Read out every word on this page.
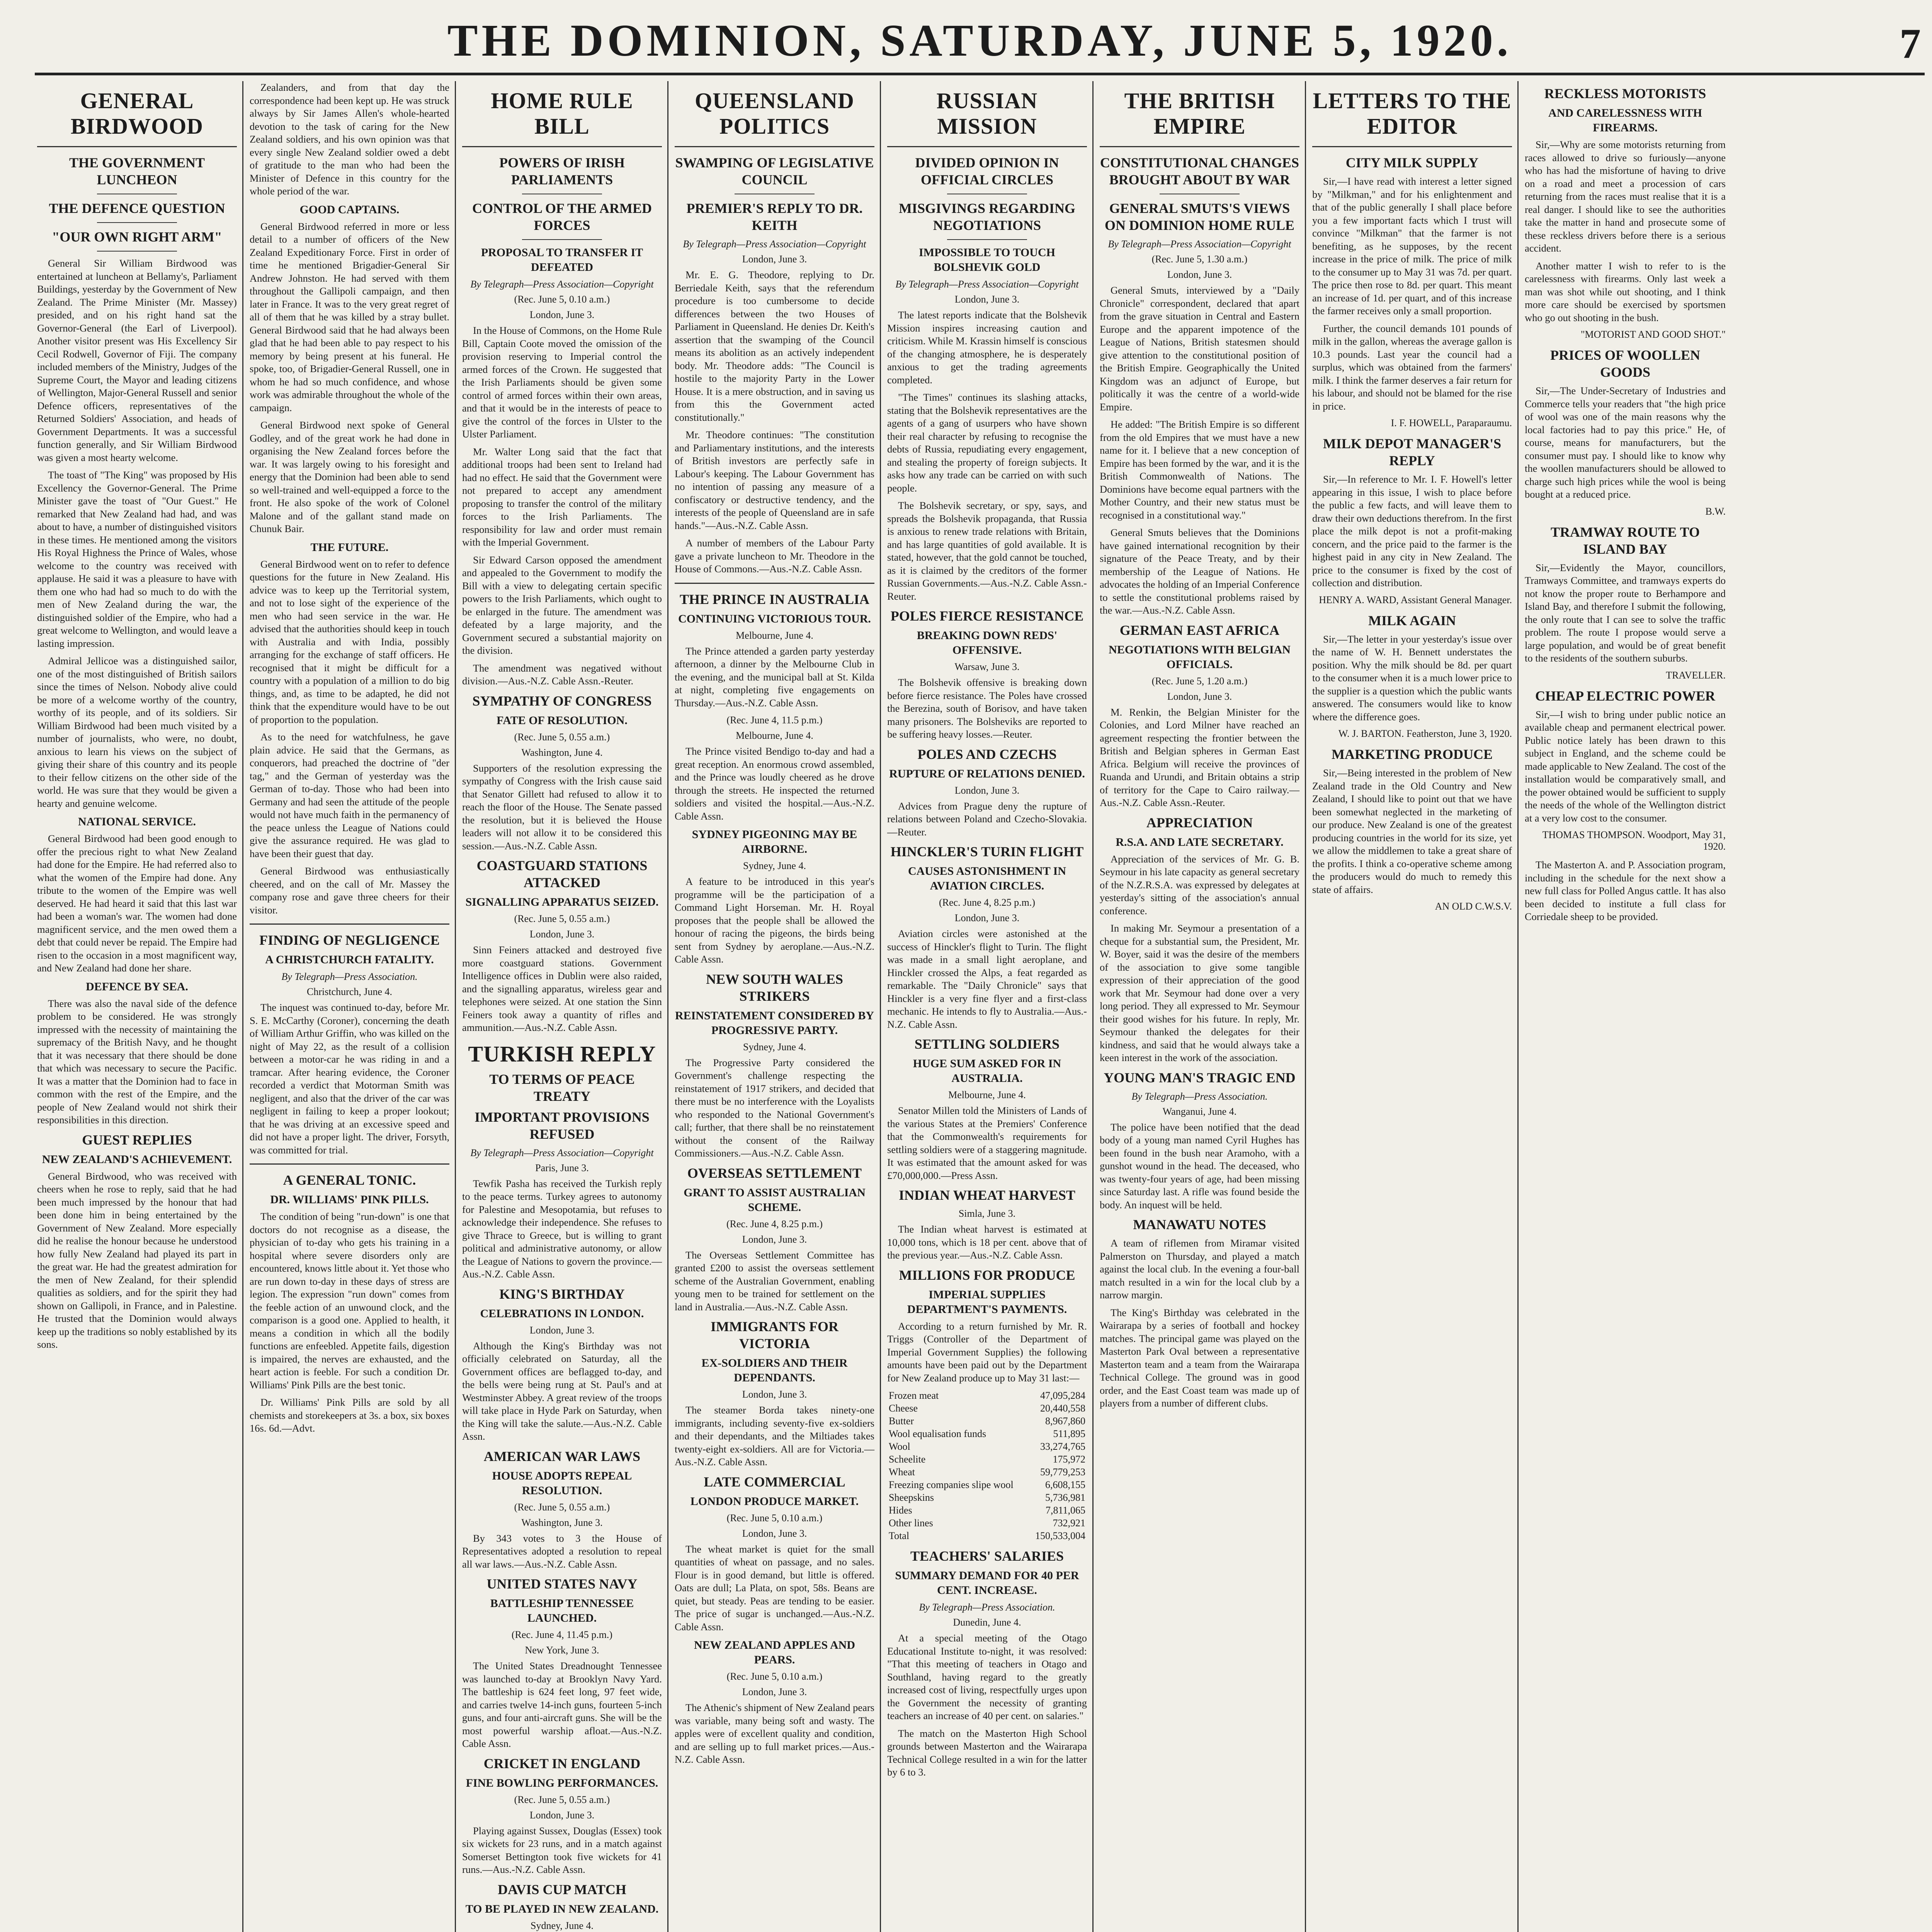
THE DOMINION, SATURDAY, JUNE 5, 1920.	7
GENERAL BIRDWOOD
THE GOVERNMENT LUNCHEON
THE DEFENCE QUESTION
"OUR OWN RIGHT ARM"

General Sir William Birdwood was entertained at luncheon at Bellamy's, Parliament Buildings, yesterday by the Government of New Zealand. The Prime Minister (Mr. Massey) presided, and on his right hand sat the Governor-General (the Earl of Liverpool). Another visitor present was His Excellency Sir Cecil Rodwell, Governor of Fiji. The company included members of the Ministry, Judges of the Supreme Court, the Mayor and leading citizens of Wellington, Major-General Russell and senior Defence officers, representatives of the Returned Soldiers' Association, and heads of Government Departments. It was a successful function generally, and Sir William Birdwood was given a most hearty welcome.

The toast of "The King" was proposed by His Excellency the Governor-General. The Prime Minister gave the toast of "Our Guest." He remarked that New Zealand had had, and was about to have, a number of distinguished visitors in these times. He mentioned among the visitors His Royal Highness the Prince of Wales, whose welcome to the country was received with applause. He said it was a pleasure to have with them one who had had so much to do with the men of New Zealand during the war, the distinguished soldier of the Empire, who had a great welcome to Wellington, and would leave a lasting impression.

Admiral Jellicoe was a distinguished sailor, one of the most distinguished of British sailors since the times of Nelson. Nobody alive could be more of a welcome worthy of the country, worthy of its people, and of its soldiers. Sir William Birdwood had been much visited by a number of journalists, who were, no doubt, anxious to learn his views on the subject of giving their share of this country and its people to their fellow citizens on the other side of the world. He was sure that they would be given a hearty and genuine welcome.

NATIONAL SERVICE.

General Birdwood had been good enough to offer the precious right to what New Zealand had done for the Empire. He had referred also to what the women of the Empire had done. Any tribute to the women of the Empire was well deserved. He had heard it said that this last war had been a woman's war. The women had done magnificent service, and the men owed them a debt that could never be repaid. The Empire had risen to the occasion in a most magnificent way, and New Zealand had done her share.

DEFENCE BY SEA.

There was also the naval side of the defence problem to be considered. He was strongly impressed with the necessity of maintaining the supremacy of the British Navy, and he thought that it was necessary that there should be done that which was necessary to secure the Pacific. It was a matter that the Dominion had to face in common with the rest of the Empire, and the people of New Zealand would not shirk their responsibilities in this direction.

GUEST REPLIES
NEW ZEALAND'S ACHIEVEMENT.

General Birdwood, who was received with cheers when he rose to reply, said that he had been much impressed by the honour that had been done him in being entertained by the Government of New Zealand. More especially did he realise the honour because he understood how fully New Zealand had played its part in the great war. He had the greatest admiration for the men of New Zealand, for their splendid qualities as soldiers, and for the spirit they had shown on Gallipoli, in France, and in Palestine. He trusted that the Dominion would always keep up the traditions so nobly established by its sons.

Zealanders, and from that day the correspondence had been kept up. He was struck always by Sir James Allen's whole-hearted devotion to the task of caring for the New Zealand soldiers, and his own opinion was that every single New Zealand soldier owed a debt of gratitude to the man who had been the Minister of Defence in this country for the whole period of the war.

GOOD CAPTAINS.

General Birdwood referred in more or less detail to a number of officers of the New Zealand Expeditionary Force. First in order of time he mentioned Brigadier-General Sir Andrew Johnston. He had served with them throughout the Gallipoli campaign, and then later in France. It was to the very great regret of all of them that he was killed by a stray bullet. General Birdwood said that he had always been glad that he had been able to pay respect to his memory by being present at his funeral. He spoke, too, of Brigadier-General Russell, one in whom he had so much confidence, and whose work was admirable throughout the whole of the campaign.

General Birdwood next spoke of General Godley, and of the great work he had done in organising the New Zealand forces before the war. It was largely owing to his foresight and energy that the Dominion had been able to send so well-trained and well-equipped a force to the front. He also spoke of the work of Colonel Malone and of the gallant stand made on Chunuk Bair.

THE FUTURE.

General Birdwood went on to refer to defence questions for the future in New Zealand. His advice was to keep up the Territorial system, and not to lose sight of the experience of the men who had seen service in the war. He advised that the authorities should keep in touch with Australia and with India, possibly arranging for the exchange of staff officers. He recognised that it might be difficult for a country with a population of a million to do big things, and, as time to be adapted, he did not think that the expenditure would have to be out of proportion to the population.

As to the need for watchfulness, he gave plain advice. He said that the Germans, as conquerors, had preached the doctrine of "der tag," and the German of yesterday was the German of to-day. Those who had been into Germany and had seen the attitude of the people would not have much faith in the permanency of the peace unless the League of Nations could give the assurance required. He was glad to have been their guest that day.

General Birdwood was enthusiastically cheered, and on the call of Mr. Massey the company rose and gave three cheers for their visitor.

FINDING OF NEGLIGENCE
A CHRISTCHURCH FATALITY.
By Telegraph—Press Association.
Christchurch, June 4.

The inquest was continued to-day, before Mr. S. E. McCarthy (Coroner), concerning the death of William Arthur Griffin, who was killed on the night of May 22, as the result of a collision between a motor-car he was riding in and a tramcar. After hearing evidence, the Coroner recorded a verdict that Motorman Smith was negligent, and also that the driver of the car was negligent in failing to keep a proper lookout; that he was driving at an excessive speed and did not have a proper light. The driver, Forsyth, was committed for trial.

A GENERAL TONIC.
DR. WILLIAMS' PINK PILLS.

The condition of being "run-down" is one that doctors do not recognise as a disease, the physician of to-day who gets his training in a hospital where severe disorders only are encountered, knows little about it. Yet those who are run down to-day in these days of stress are legion. The expression "run down" comes from the feeble action of an unwound clock, and the comparison is a good one. Applied to health, it means a condition in which all the bodily functions are enfeebled. Appetite fails, digestion is impaired, the nerves are exhausted, and the heart action is feeble. For such a condition Dr. Williams' Pink Pills are the best tonic.

Dr. Williams' Pink Pills are sold by all chemists and storekeepers at 3s. a box, six boxes 16s. 6d.—Advt.

HOME RULE BILL
POWERS OF IRISH PARLIAMENTS
CONTROL OF THE ARMED FORCES
PROPOSAL TO TRANSFER IT DEFEATED
By Telegraph—Press Association—Copyright
(Rec. June 5, 0.10 a.m.)
London, June 3.

In the House of Commons, on the Home Rule Bill, Captain Coote moved the omission of the provision reserving to Imperial control the armed forces of the Crown. He suggested that the Irish Parliaments should be given some control of armed forces within their own areas, and that it would be in the interests of peace to give the control of the forces in Ulster to the Ulster Parliament.

Mr. Walter Long said that the fact that additional troops had been sent to Ireland had had no effect. He said that the Government were not prepared to accept any amendment proposing to transfer the control of the military forces to the Irish Parliaments. The responsibility for law and order must remain with the Imperial Government.

Sir Edward Carson opposed the amendment and appealed to the Government to modify the Bill with a view to delegating certain specific powers to the Irish Parliaments, which ought to be enlarged in the future. The amendment was defeated by a large majority, and the Government secured a substantial majority on the division.

The amendment was negatived without division.—Aus.-N.Z. Cable Assn.-Reuter.

SYMPATHY OF CONGRESS
FATE OF RESOLUTION.
(Rec. June 5, 0.55 a.m.)
Washington, June 4.

Supporters of the resolution expressing the sympathy of Congress with the Irish cause said that Senator Gillett had refused to allow it to reach the floor of the House. The Senate passed the resolution, but it is believed the House leaders will not allow it to be considered this session.—Aus.-N.Z. Cable Assn.

COASTGUARD STATIONS ATTACKED
SIGNALLING APPARATUS SEIZED.
(Rec. June 5, 0.55 a.m.)
London, June 3.

Sinn Feiners attacked and destroyed five more coastguard stations. Government Intelligence offices in Dublin were also raided, and the signalling apparatus, wireless gear and telephones were seized. At one station the Sinn Feiners took away a quantity of rifles and ammunition.—Aus.-N.Z. Cable Assn.

TURKISH REPLY
TO TERMS OF PEACE TREATY
IMPORTANT PROVISIONS REFUSED
By Telegraph—Press Association—Copyright
Paris, June 3.

Tewfik Pasha has received the Turkish reply to the peace terms. Turkey agrees to autonomy for Palestine and Mesopotamia, but refuses to acknowledge their independence. She refuses to give Thrace to Greece, but is willing to grant political and administrative autonomy, or allow the League of Nations to govern the province.—Aus.-N.Z. Cable Assn.

KING'S BIRTHDAY
CELEBRATIONS IN LONDON.
London, June 3.

Although the King's Birthday was not officially celebrated on Saturday, all the Government offices are beflagged to-day, and the bells were being rung at St. Paul's and at Westminster Abbey. A great review of the troops will take place in Hyde Park on Saturday, when the King will take the salute.—Aus.-N.Z. Cable Assn.

AMERICAN WAR LAWS
HOUSE ADOPTS REPEAL RESOLUTION.
(Rec. June 5, 0.55 a.m.)
Washington, June 3.

By 343 votes to 3 the House of Representatives adopted a resolution to repeal all war laws.—Aus.-N.Z. Cable Assn.

UNITED STATES NAVY
BATTLESHIP TENNESSEE LAUNCHED.
(Rec. June 4, 11.45 p.m.)
New York, June 3.

The United States Dreadnought Tennessee was launched to-day at Brooklyn Navy Yard. The battleship is 624 feet long, 97 feet wide, and carries twelve 14-inch guns, fourteen 5-inch guns, and four anti-aircraft guns. She will be the most powerful warship afloat.—Aus.-N.Z. Cable Assn.

CRICKET IN ENGLAND
FINE BOWLING PERFORMANCES.
(Rec. June 5, 0.55 a.m.)
London, June 3.

Playing against Sussex, Douglas (Essex) took six wickets for 23 runs, and in a match against Somerset Bettington took five wickets for 41 runs.—Aus.-N.Z. Cable Assn.

DAVIS CUP MATCH
TO BE PLAYED IN NEW ZEALAND.
Sydney, June 4.

QUEENSLAND POLITICS
SWAMPING OF LEGISLATIVE COUNCIL
PREMIER'S REPLY TO DR. KEITH
By Telegraph—Press Association—Copyright
London, June 3.

Mr. E. G. Theodore, replying to Dr. Berriedale Keith, says that the referendum procedure is too cumbersome to decide differences between the two Houses of Parliament in Queensland. He denies Dr. Keith's assertion that the swamping of the Council means its abolition as an actively independent body. Mr. Theodore adds: "The Council is hostile to the majority Party in the Lower House. It is a mere obstruction, and in saving us from this the Government acted constitutionally."

Mr. Theodore continues: "The constitution and Parliamentary institutions, and the interests of British investors are perfectly safe in Labour's keeping. The Labour Government has no intention of passing any measure of a confiscatory or destructive tendency, and the interests of the people of Queensland are in safe hands."—Aus.-N.Z. Cable Assn.

A number of members of the Labour Party gave a private luncheon to Mr. Theodore in the House of Commons.—Aus.-N.Z. Cable Assn.

THE PRINCE IN AUSTRALIA
CONTINUING VICTORIOUS TOUR.
Melbourne, June 4.

The Prince attended a garden party yesterday afternoon, a dinner by the Melbourne Club in the evening, and the municipal ball at St. Kilda at night, completing five engagements on Thursday.—Aus.-N.Z. Cable Assn.

(Rec. June 4, 11.5 p.m.)
Melbourne, June 4.

The Prince visited Bendigo to-day and had a great reception. An enormous crowd assembled, and the Prince was loudly cheered as he drove through the streets. He inspected the returned soldiers and visited the hospital.—Aus.-N.Z. Cable Assn.

SYDNEY PIGEONING MAY BE AIRBORNE.
Sydney, June 4.

A feature to be introduced in this year's programme will be the participation of a Command Light Horseman. Mr. H. Royal proposes that the people shall be allowed the honour of racing the pigeons, the birds being sent from Sydney by aeroplane.—Aus.-N.Z. Cable Assn.

NEW SOUTH WALES STRIKERS
REINSTATEMENT CONSIDERED BY PROGRESSIVE PARTY.
Sydney, June 4.

The Progressive Party considered the Government's challenge respecting the reinstatement of 1917 strikers, and decided that there must be no interference with the Loyalists who responded to the National Government's call; further, that there shall be no reinstatement without the consent of the Railway Commissioners.—Aus.-N.Z. Cable Assn.

OVERSEAS SETTLEMENT
GRANT TO ASSIST AUSTRALIAN SCHEME.
(Rec. June 4, 8.25 p.m.)
London, June 3.

The Overseas Settlement Committee has granted £200 to assist the overseas settlement scheme of the Australian Government, enabling young men to be trained for settlement on the land in Australia.—Aus.-N.Z. Cable Assn.

IMMIGRANTS FOR VICTORIA
EX-SOLDIERS AND THEIR DEPENDANTS.
London, June 3.

The steamer Borda takes ninety-one immigrants, including seventy-five ex-soldiers and their dependants, and the Miltiades takes twenty-eight ex-soldiers. All are for Victoria.—Aus.-N.Z. Cable Assn.

LATE COMMERCIAL
LONDON PRODUCE MARKET.
(Rec. June 5, 0.10 a.m.)
London, June 3.

The wheat market is quiet for the small quantities of wheat on passage, and no sales. Flour is in good demand, but little is offered. Oats are dull; La Plata, on spot, 58s. Beans are quiet, but steady. Peas are tending to be easier. The price of sugar is unchanged.—Aus.-N.Z. Cable Assn.

NEW ZEALAND APPLES AND PEARS.
(Rec. June 5, 0.10 a.m.)
London, June 3.

The Athenic's shipment of New Zealand pears was variable, many being soft and wasty. The apples were of excellent quality and condition, and are selling up to full market prices.—Aus.-N.Z. Cable Assn.

RUSSIAN MISSION
DIVIDED OPINION IN OFFICIAL CIRCLES
MISGIVINGS REGARDING NEGOTIATIONS
IMPOSSIBLE TO TOUCH BOLSHEVIK GOLD
By Telegraph—Press Association—Copyright
London, June 3.

The latest reports indicate that the Bolshevik Mission inspires increasing caution and criticism. While M. Krassin himself is conscious of the changing atmosphere, he is desperately anxious to get the trading agreements completed.

"The Times" continues its slashing attacks, stating that the Bolshevik representatives are the agents of a gang of usurpers who have shown their real character by refusing to recognise the debts of Russia, repudiating every engagement, and stealing the property of foreign subjects. It asks how any trade can be carried on with such people.

The Bolshevik secretary, or spy, says, and spreads the Bolshevik propaganda, that Russia is anxious to renew trade relations with Britain, and has large quantities of gold available. It is stated, however, that the gold cannot be touched, as it is claimed by the creditors of the former Russian Governments.—Aus.-N.Z. Cable Assn.-Reuter.

POLES FIERCE RESISTANCE
BREAKING DOWN REDS' OFFENSIVE.
Warsaw, June 3.

The Bolshevik offensive is breaking down before fierce resistance. The Poles have crossed the Berezina, south of Borisov, and have taken many prisoners. The Bolsheviks are reported to be suffering heavy losses.—Reuter.

POLES AND CZECHS
RUPTURE OF RELATIONS DENIED.
London, June 3.

Advices from Prague deny the rupture of relations between Poland and Czecho-Slovakia.—Reuter.

HINCKLER'S TURIN FLIGHT
CAUSES ASTONISHMENT IN AVIATION CIRCLES.
(Rec. June 4, 8.25 p.m.)
London, June 3.

Aviation circles were astonished at the success of Hinckler's flight to Turin. The flight was made in a small light aeroplane, and Hinckler crossed the Alps, a feat regarded as remarkable. The "Daily Chronicle" says that Hinckler is a very fine flyer and a first-class mechanic. He intends to fly to Australia.—Aus.-N.Z. Cable Assn.

SETTLING SOLDIERS
HUGE SUM ASKED FOR IN AUSTRALIA.
Melbourne, June 4.

Senator Millen told the Ministers of Lands of the various States at the Premiers' Conference that the Commonwealth's requirements for settling soldiers were of a staggering magnitude. It was estimated that the amount asked for was £70,000,000.—Press Assn.

INDIAN WHEAT HARVEST
Simla, June 3.

The Indian wheat harvest is estimated at 10,000 tons, which is 18 per cent. above that of the previous year.—Aus.-N.Z. Cable Assn.

MILLIONS FOR PRODUCE
IMPERIAL SUPPLIES DEPARTMENT'S PAYMENTS.

According to a return furnished by Mr. R. Triggs (Controller of the Department of Imperial Government Supplies) the following amounts have been paid out by the Department for New Zealand produce up to May 31 last:—

Frozen meat	47,095,284
Cheese	20,440,558
Butter	8,967,860
Wool equalisation funds	511,895
Wool	33,274,765
Scheelite	175,972
Wheat	59,779,253
Freezing companies slipe wool	6,608,155
Sheepskins	5,736,981
Hides	7,811,065
Other lines	732,921
Total	150,533,004
TEACHERS' SALARIES
SUMMARY DEMAND FOR 40 PER CENT. INCREASE.
By Telegraph—Press Association.
Dunedin, June 4.

At a special meeting of the Otago Educational Institute to-night, it was resolved: "That this meeting of teachers in Otago and Southland, having regard to the greatly increased cost of living, respectfully urges upon the Government the necessity of granting teachers an increase of 40 per cent. on salaries."

The match on the Masterton High School grounds between Masterton and the Wairarapa Technical College resulted in a win for the latter by 6 to 3.

THE BRITISH EMPIRE
CONSTITUTIONAL CHANGES BROUGHT ABOUT BY WAR
GENERAL SMUTS'S VIEWS ON DOMINION HOME RULE
By Telegraph—Press Association—Copyright
(Rec. June 5, 1.30 a.m.)
London, June 3.

General Smuts, interviewed by a "Daily Chronicle" correspondent, declared that apart from the grave situation in Central and Eastern Europe and the apparent impotence of the League of Nations, British statesmen should give attention to the constitutional position of the British Empire. Geographically the United Kingdom was an adjunct of Europe, but politically it was the centre of a world-wide Empire.

He added: "The British Empire is so different from the old Empires that we must have a new name for it. I believe that a new conception of Empire has been formed by the war, and it is the British Commonwealth of Nations. The Dominions have become equal partners with the Mother Country, and their new status must be recognised in a constitutional way."

General Smuts believes that the Dominions have gained international recognition by their signature of the Peace Treaty, and by their membership of the League of Nations. He advocates the holding of an Imperial Conference to settle the constitutional problems raised by the war.—Aus.-N.Z. Cable Assn.

GERMAN EAST AFRICA
NEGOTIATIONS WITH BELGIAN OFFICIALS.
(Rec. June 5, 1.20 a.m.)
London, June 3.

M. Renkin, the Belgian Minister for the Colonies, and Lord Milner have reached an agreement respecting the frontier between the British and Belgian spheres in German East Africa. Belgium will receive the provinces of Ruanda and Urundi, and Britain obtains a strip of territory for the Cape to Cairo railway.—Aus.-N.Z. Cable Assn.-Reuter.

APPRECIATION
R.S.A. AND LATE SECRETARY.

Appreciation of the services of Mr. G. B. Seymour in his late capacity as general secretary of the N.Z.R.S.A. was expressed by delegates at yesterday's sitting of the association's annual conference.

In making Mr. Seymour a presentation of a cheque for a substantial sum, the President, Mr. W. Boyer, said it was the desire of the members of the association to give some tangible expression of their appreciation of the good work that Mr. Seymour had done over a very long period. They all expressed to Mr. Seymour their good wishes for his future. In reply, Mr. Seymour thanked the delegates for their kindness, and said that he would always take a keen interest in the work of the association.

YOUNG MAN'S TRAGIC END
By Telegraph—Press Association.
Wanganui, June 4.

The police have been notified that the dead body of a young man named Cyril Hughes has been found in the bush near Aramoho, with a gunshot wound in the head. The deceased, who was twenty-four years of age, had been missing since Saturday last. A rifle was found beside the body. An inquest will be held.

MANAWATU NOTES

A team of riflemen from Miramar visited Palmerston on Thursday, and played a match against the local club. In the evening a four-ball match resulted in a win for the local club by a narrow margin.

The King's Birthday was celebrated in the Wairarapa by a series of football and hockey matches. The principal game was played on the Masterton Park Oval between a representative Masterton team and a team from the Wairarapa Technical College. The ground was in good order, and the East Coast team was made up of players from a number of different clubs.

LETTERS TO THE EDITOR
CITY MILK SUPPLY

Sir,—I have read with interest a letter signed by "Milkman," and for his enlightenment and that of the public generally I shall place before you a few important facts which I trust will convince "Milkman" that the farmer is not benefiting, as he supposes, by the recent increase in the price of milk. The price of milk to the consumer up to May 31 was 7d. per quart. The price then rose to 8d. per quart. This meant an increase of 1d. per quart, and of this increase the farmer receives only a small proportion.

Further, the council demands 101 pounds of milk in the gallon, whereas the average gallon is 10.3 pounds. Last year the council had a surplus, which was obtained from the farmers' milk. I think the farmer deserves a fair return for his labour, and should not be blamed for the rise in price.

I. F. HOWELL, Paraparaumu.
MILK DEPOT MANAGER'S REPLY

Sir,—In reference to Mr. I. F. Howell's letter appearing in this issue, I wish to place before the public a few facts, and will leave them to draw their own deductions therefrom. In the first place the milk depot is not a profit-making concern, and the price paid to the farmer is the highest paid in any city in New Zealand. The price to the consumer is fixed by the cost of collection and distribution.

HENRY A. WARD, Assistant General Manager.
MILK AGAIN

Sir,—The letter in your yesterday's issue over the name of W. H. Bennett understates the position. Why the milk should be 8d. per quart to the consumer when it is a much lower price to the supplier is a question which the public wants answered. The consumers would like to know where the difference goes.

W. J. BARTON. Featherston, June 3, 1920.
MARKETING PRODUCE

Sir,—Being interested in the problem of New Zealand trade in the Old Country and New Zealand, I should like to point out that we have been somewhat neglected in the marketing of our produce. New Zealand is one of the greatest producing countries in the world for its size, yet we allow the middlemen to take a great share of the profits. I think a co-operative scheme among the producers would do much to remedy this state of affairs.

AN OLD C.W.S.V.
RECKLESS MOTORISTS
AND CARELESSNESS WITH FIREARMS.

Sir,—Why are some motorists returning from races allowed to drive so furiously—anyone who has had the misfortune of having to drive on a road and meet a procession of cars returning from the races must realise that it is a real danger. I should like to see the authorities take the matter in hand and prosecute some of these reckless drivers before there is a serious accident.

Another matter I wish to refer to is the carelessness with firearms. Only last week a man was shot while out shooting, and I think more care should be exercised by sportsmen who go out shooting in the bush.

"MOTORIST AND GOOD SHOT."
PRICES OF WOOLLEN GOODS

Sir,—The Under-Secretary of Industries and Commerce tells your readers that "the high price of wool was one of the main reasons why the local factories had to pay this price." He, of course, means for manufacturers, but the consumer must pay. I should like to know why the woollen manufacturers should be allowed to charge such high prices while the wool is being bought at a reduced price.

B.W.
TRAMWAY ROUTE TO ISLAND BAY

Sir,—Evidently the Mayor, councillors, Tramways Committee, and tramways experts do not know the proper route to Berhampore and Island Bay, and therefore I submit the following, the only route that I can see to solve the traffic problem. The route I propose would serve a large population, and would be of great benefit to the residents of the southern suburbs.

TRAVELLER.
CHEAP ELECTRIC POWER

Sir,—I wish to bring under public notice an available cheap and permanent electrical power. Public notice lately has been drawn to this subject in England, and the scheme could be made applicable to New Zealand. The cost of the installation would be comparatively small, and the power obtained would be sufficient to supply the needs of the whole of the Wellington district at a very low cost to the consumer.

THOMAS THOMPSON. Woodport, May 31, 1920.

The Masterton A. and P. Association program, including in the schedule for the next show a new full class for Polled Angus cattle. It has also been decided to institute a full class for Corriedale sheep to be provided.
